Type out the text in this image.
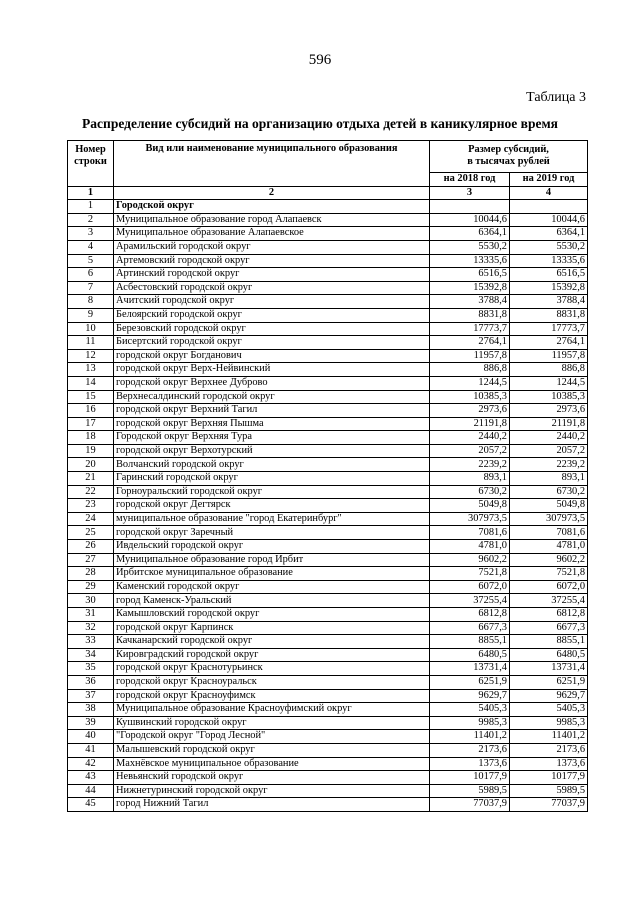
596
Таблица 3
Распределение субсидий на организацию отдыха детей в каникулярное время
Номер
строки	Вид или наименование муниципального образования	Размер субсидий,
в тысячах рублей	
		на 2018 год	на 2019 год
1	2	3	4
1	Городской округ		
2	Муниципальное образование город Алапаевск	10044,6	10044,6
3	Муниципальное образование Алапаевское	6364,1	6364,1
4	Арамильский городской округ	5530,2	5530,2
5	Артемовский городской округ	13335,6	13335,6
6	Артинский городской округ	6516,5	6516,5
7	Асбестовский городской округ	15392,8	15392,8
8	Ачитский городской округ	3788,4	3788,4
9	Белоярский городской округ	8831,8	8831,8
10	Березовский городской округ	17773,7	17773,7
11	Бисертский городской округ	2764,1	2764,1
12	городской округ Богданович	11957,8	11957,8
13	городской округ Верх-Нейвинский	886,8	886,8
14	городской округ Верхнее Дуброво	1244,5	1244,5
15	Верхнесалдинский городской округ	10385,3	10385,3
16	городской округ Верхний Тагил	2973,6	2973,6
17	городской округ Верхняя Пышма	21191,8	21191,8
18	Городской округ Верхняя Тура	2440,2	2440,2
19	городской округ Верхотурский	2057,2	2057,2
20	Волчанский городской округ	2239,2	2239,2
21	Гаринский городской округ	893,1	893,1
22	Горноуральский городской округ	6730,2	6730,2
23	городской округ Дегтярск	5049,8	5049,8
24	муниципальное образование "город Екатеринбург"	307973,5	307973,5
25	городской округ Заречный	7081,6	7081,6
26	Ивдельский городской округ	4781,0	4781,0
27	Муниципальное образование город Ирбит	9602,2	9602,2
28	Ирбитское муниципальное образование	7521,8	7521,8
29	Каменский городской округ	6072,0	6072,0
30	город Каменск-Уральский	37255,4	37255,4
31	Камышловский городской округ	6812,8	6812,8
32	городской округ Карпинск	6677,3	6677,3
33	Качканарский городской округ	8855,1	8855,1
34	Кировградский городской округ	6480,5	6480,5
35	городской округ Краснотурьинск	13731,4	13731,4
36	городской округ Красноуральск	6251,9	6251,9
37	городской округ Красноуфимск	9629,7	9629,7
38	Муниципальное образование Красноуфимский округ	5405,3	5405,3
39	Кушвинский городской округ	9985,3	9985,3
40	"Городской округ "Город Лесной"	11401,2	11401,2
41	Малышевский городской округ	2173,6	2173,6
42	Махнёвское муниципальное образование	1373,6	1373,6
43	Невьянский городской округ	10177,9	10177,9
44	Нижнетуринский городской округ	5989,5	5989,5
45	город Нижний Тагил	77037,9	77037,9
